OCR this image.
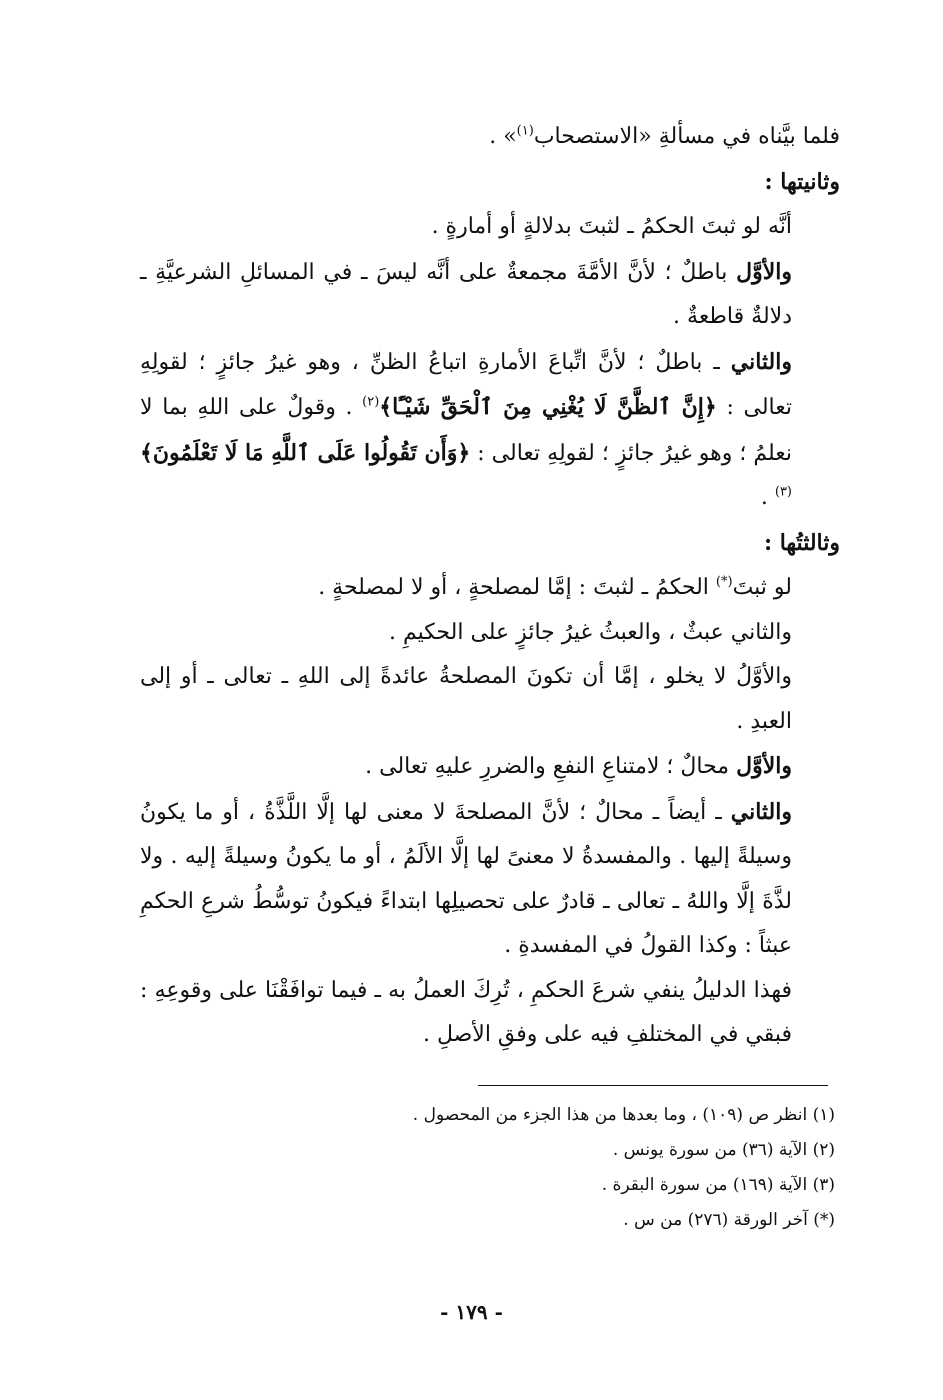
فلما بيَّناه في مسألةِ «الاستصحاب$^{(١)}$» .

وثانيتها :

أنَّه لو ثبتَ الحكمُ ـ لثبتَ بدلالةٍ أو أمارةٍ .

والأوَّل باطلٌ ؛ لأنَّ الأمَّةَ مجمعةٌ على أنَّه ليسَ ـ في المسائلِ الشرعيَّةِ ـ دلالةٌ قاطعةٌ .

والثاني ـ باطلٌ ؛ لأنَّ اتِّباعَ الأمارةِ اتباعُ الظنِّ ، وهو غيرُ جائزٍ ؛ لقولِهِ تعالى : ﴿إِنَّ ٱلظَّنَّ لَا يُغْنِي مِنَ ٱلْحَقِّ شَيْـًٔا﴾$^{(٢)}$ . وقولٌ على اللهِ بما لا نعلمُ ؛ وهو غيرُ جائزٍ ؛ لقولِهِ تعالى : ﴿وَأَن تَقُولُوا عَلَى ٱللَّهِ مَا لَا تَعْلَمُونَ﴾$^{(٣)}$ .

وثالثتُها :

لو ثبتَ(*) الحكمُ ـ لثبتَ : إمَّا لمصلحةٍ ، أو لا لمصلحةٍ .

والثاني عبثٌ ، والعبثُ غيرُ جائزٍ على الحكيمِ .

والأوَّلُ لا يخلو ، إمَّا أن تكونَ المصلحةُ عائدةً إلى اللهِ ـ تعالى ـ أو إلى العبدِ .

والأوَّل محالٌ ؛ لامتناعِ النفعِ والضررِ عليهِ تعالى .

والثاني ـ أيضاً ـ محالٌ ؛ لأنَّ المصلحةَ لا معنى لها إلَّا اللَّذَّةُ ، أو ما يكونُ وسيلةً إليها . والمفسدةُ لا معنىً لها إلَّا الألَمُ ، أو ما يكونُ وسيلةً إليه . ولا لذَّةَ إلَّا واللهُ ـ تعالى ـ قادرٌ على تحصيلِها ابتداءً فيكونُ توسُّطُ شرعِ الحكمِ عبثاً : وكذا القولُ في المفسدةِ .

فهذا الدليلُ ينفي شرعَ الحكمِ ، تُرِكَ العملُ به ـ فيما توافَقْنَا على وقوعِهِ : فبقي في المختلفِ فيه على وفقِ الأصلِ .

(١) انظر ص (١٠٩) ، وما بعدها من هذا الجزء من المحصول .

(٢) الآية (٣٦) من سورة يونس .

(٣) الآية (١٦٩) من سورة البقرة .

(*) آخر الورقة (٢٧٦) من س .

- ١٧٩ -
